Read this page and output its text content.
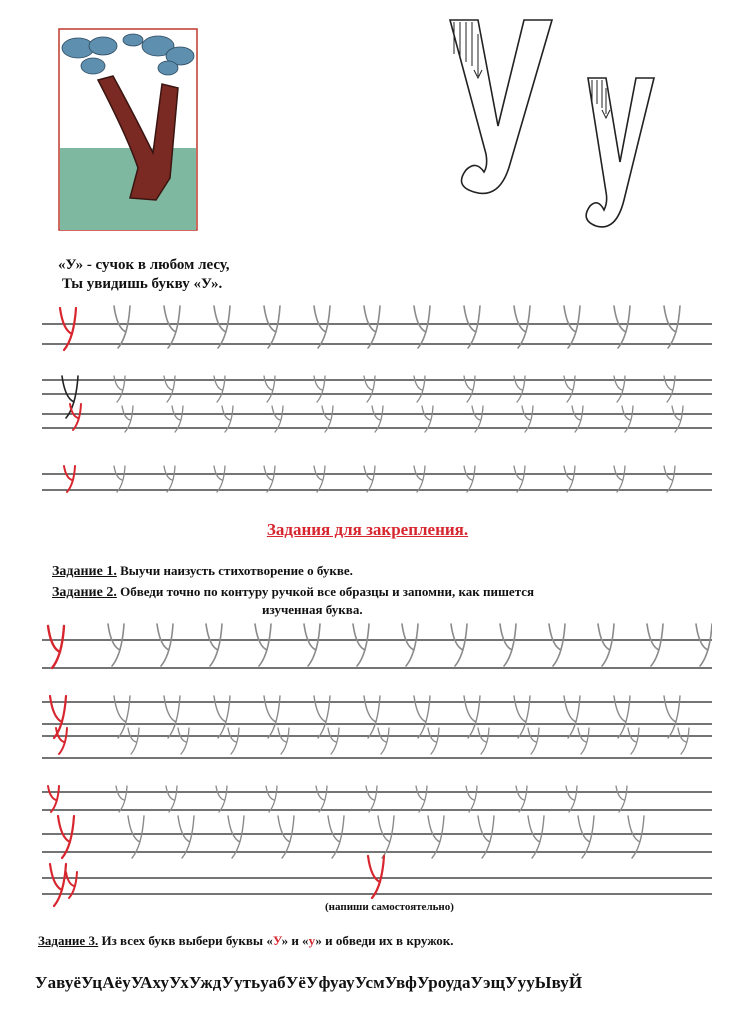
«У» - сучок в любом лесу,
Ты увидишь букву «У».
Задания для закрепления.
Задание 1. Выучи наизусть стихотворение о букве.
Задание 2. Обведи точно по контуру ручкой все образцы и запомни, как пишется
изученная буква.
(напиши самостоятельно)
Задание 3. Из всех букв выбери буквы «У» и «у» и обведи их в кружок.
УавуёУцАёуУАхуУхУждУутьуабУёУфуауУсмУвфУроудаУэщУууЫвуЙ
